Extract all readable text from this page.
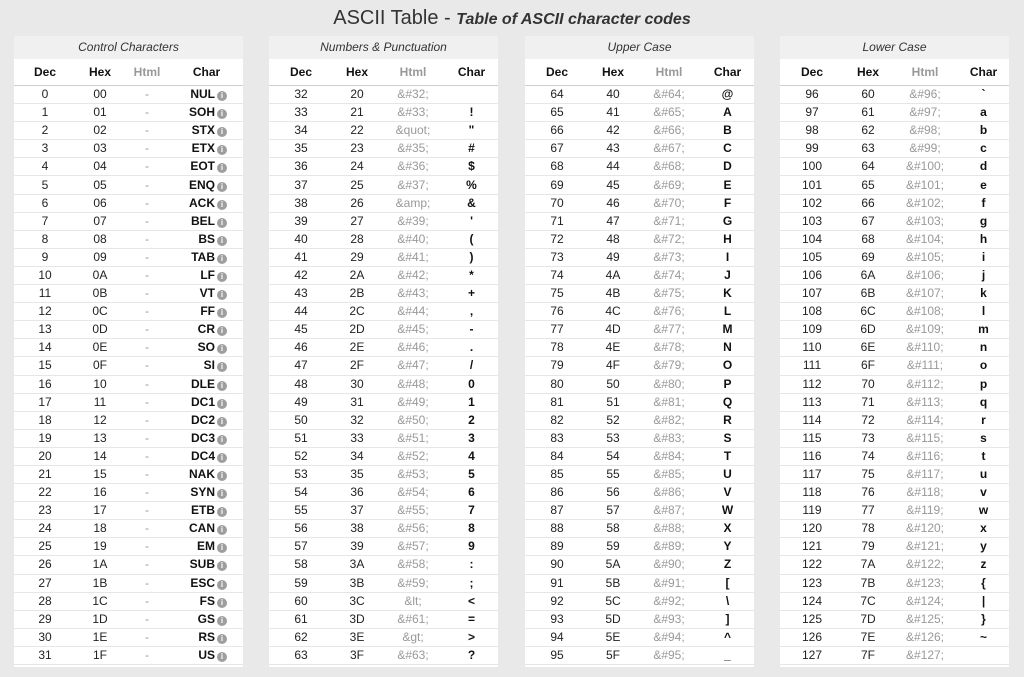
ASCII Table - Table of ASCII character codes
Control Characters
Dec	Hex	Html	Char
0	00	-	NUL i
1	01	-	SOH i
2	02	-	STX i
3	03	-	ETX i
4	04	-	EOT i
5	05	-	ENQ i
6	06	-	ACK i
7	07	-	BEL i
8	08	-	BS i
9	09	-	TAB i
10	0A	-	LF i
11	0B	-	VT i
12	0C	-	FF i
13	0D	-	CR i
14	0E	-	SO i
15	0F	-	SI i
16	10	-	DLE i
17	11	-	DC1 i
18	12	-	DC2 i
19	13	-	DC3 i
20	14	-	DC4 i
21	15	-	NAK i
22	16	-	SYN i
23	17	-	ETB i
24	18	-	CAN i
25	19	-	EM i
26	1A	-	SUB i
27	1B	-	ESC i
28	1C	-	FS i
29	1D	-	GS i
30	1E	-	RS i
31	1F	-	US i
Numbers & Punctuation
Dec	Hex	Html	Char
32	20	&#32;	
33	21	&#33;	!
34	22	&quot;	"
35	23	&#35;	#
36	24	&#36;	$
37	25	&#37;	%
38	26	&amp;	&
39	27	&#39;	'
40	28	&#40;	(
41	29	&#41;	)
42	2A	&#42;	*
43	2B	&#43;	+
44	2C	&#44;	,
45	2D	&#45;	-
46	2E	&#46;	.
47	2F	&#47;	/
48	30	&#48;	0
49	31	&#49;	1
50	32	&#50;	2
51	33	&#51;	3
52	34	&#52;	4
53	35	&#53;	5
54	36	&#54;	6
55	37	&#55;	7
56	38	&#56;	8
57	39	&#57;	9
58	3A	&#58;	:
59	3B	&#59;	;
60	3C	&lt;	<
61	3D	&#61;	=
62	3E	&gt;	>
63	3F	&#63;	?
Upper Case
Dec	Hex	Html	Char
64	40	&#64;	@
65	41	&#65;	A
66	42	&#66;	B
67	43	&#67;	C
68	44	&#68;	D
69	45	&#69;	E
70	46	&#70;	F
71	47	&#71;	G
72	48	&#72;	H
73	49	&#73;	I
74	4A	&#74;	J
75	4B	&#75;	K
76	4C	&#76;	L
77	4D	&#77;	M
78	4E	&#78;	N
79	4F	&#79;	O
80	50	&#80;	P
81	51	&#81;	Q
82	52	&#82;	R
83	53	&#83;	S
84	54	&#84;	T
85	55	&#85;	U
86	56	&#86;	V
87	57	&#87;	W
88	58	&#88;	X
89	59	&#89;	Y
90	5A	&#90;	Z
91	5B	&#91;	[
92	5C	&#92;	\
93	5D	&#93;	]
94	5E	&#94;	^
95	5F	&#95;	_
Lower Case
Dec	Hex	Html	Char
96	60	&#96;	`
97	61	&#97;	a
98	62	&#98;	b
99	63	&#99;	c
100	64	&#100;	d
101	65	&#101;	e
102	66	&#102;	f
103	67	&#103;	g
104	68	&#104;	h
105	69	&#105;	i
106	6A	&#106;	j
107	6B	&#107;	k
108	6C	&#108;	l
109	6D	&#109;	m
110	6E	&#110;	n
111	6F	&#111;	o
112	70	&#112;	p
113	71	&#113;	q
114	72	&#114;	r
115	73	&#115;	s
116	74	&#116;	t
117	75	&#117;	u
118	76	&#118;	v
119	77	&#119;	w
120	78	&#120;	x
121	79	&#121;	y
122	7A	&#122;	z
123	7B	&#123;	{
124	7C	&#124;	|
125	7D	&#125;	}
126	7E	&#126;	~
127	7F	&#127;	
